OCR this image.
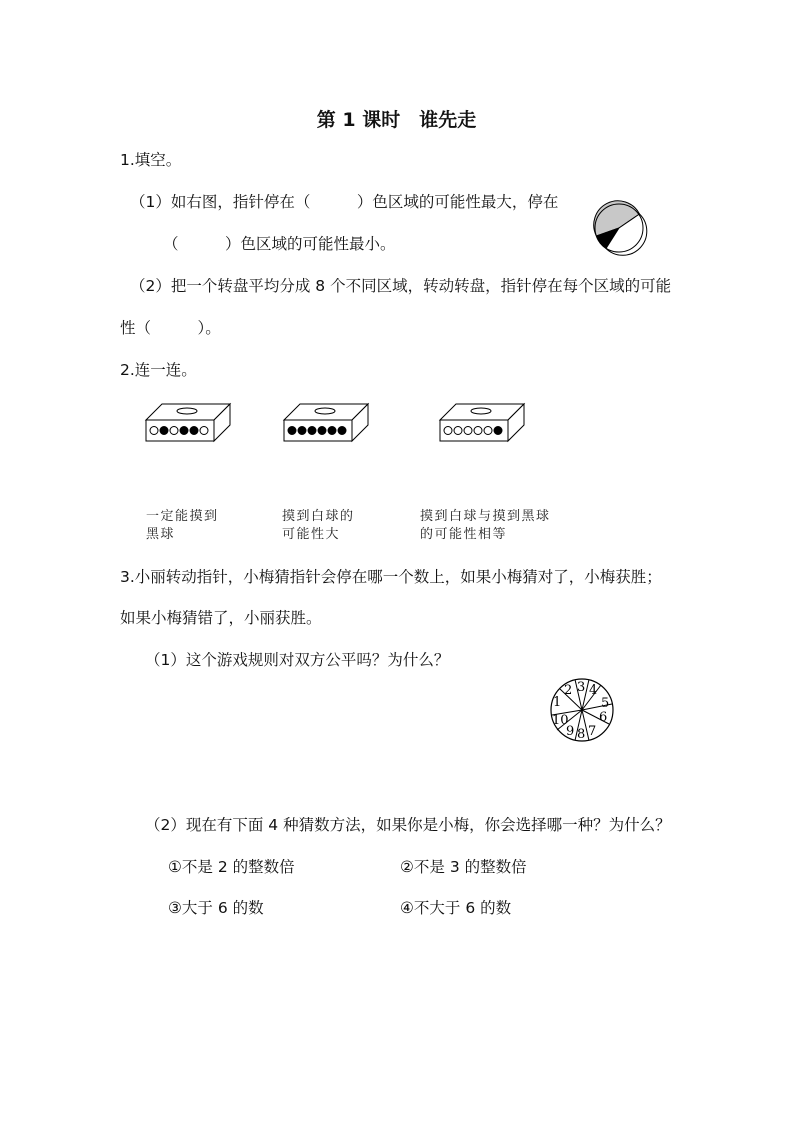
第 1 课时　谁先走
1.填空。
（1）如右图，指针停在（　　　）色区域的可能性最大，停在
（　　　）色区域的可能性最小。
（2）把一个转盘平均分成 8 个不同区域，转动转盘，指针停在每个区域的可能
性（　　　）。
2.连一连。
一定能摸到
黑球
摸到白球的
可能性大
摸到白球与摸到黑球
的可能性相等
3.小丽转动指针，小梅猜指针会停在哪一个数上，如果小梅猜对了，小梅获胜；
如果小梅猜错了，小丽获胜。
（1）这个游戏规则对双方公平吗？为什么？
1
2 3 4
5
6
7
8
9
10
（2）现在有下面 4 种猜数方法，如果你是小梅，你会选择哪一种？为什么？
①不是 2 的整数倍	②不是 3 的整数倍
③大于 6 的数	④不大于 6 的数
